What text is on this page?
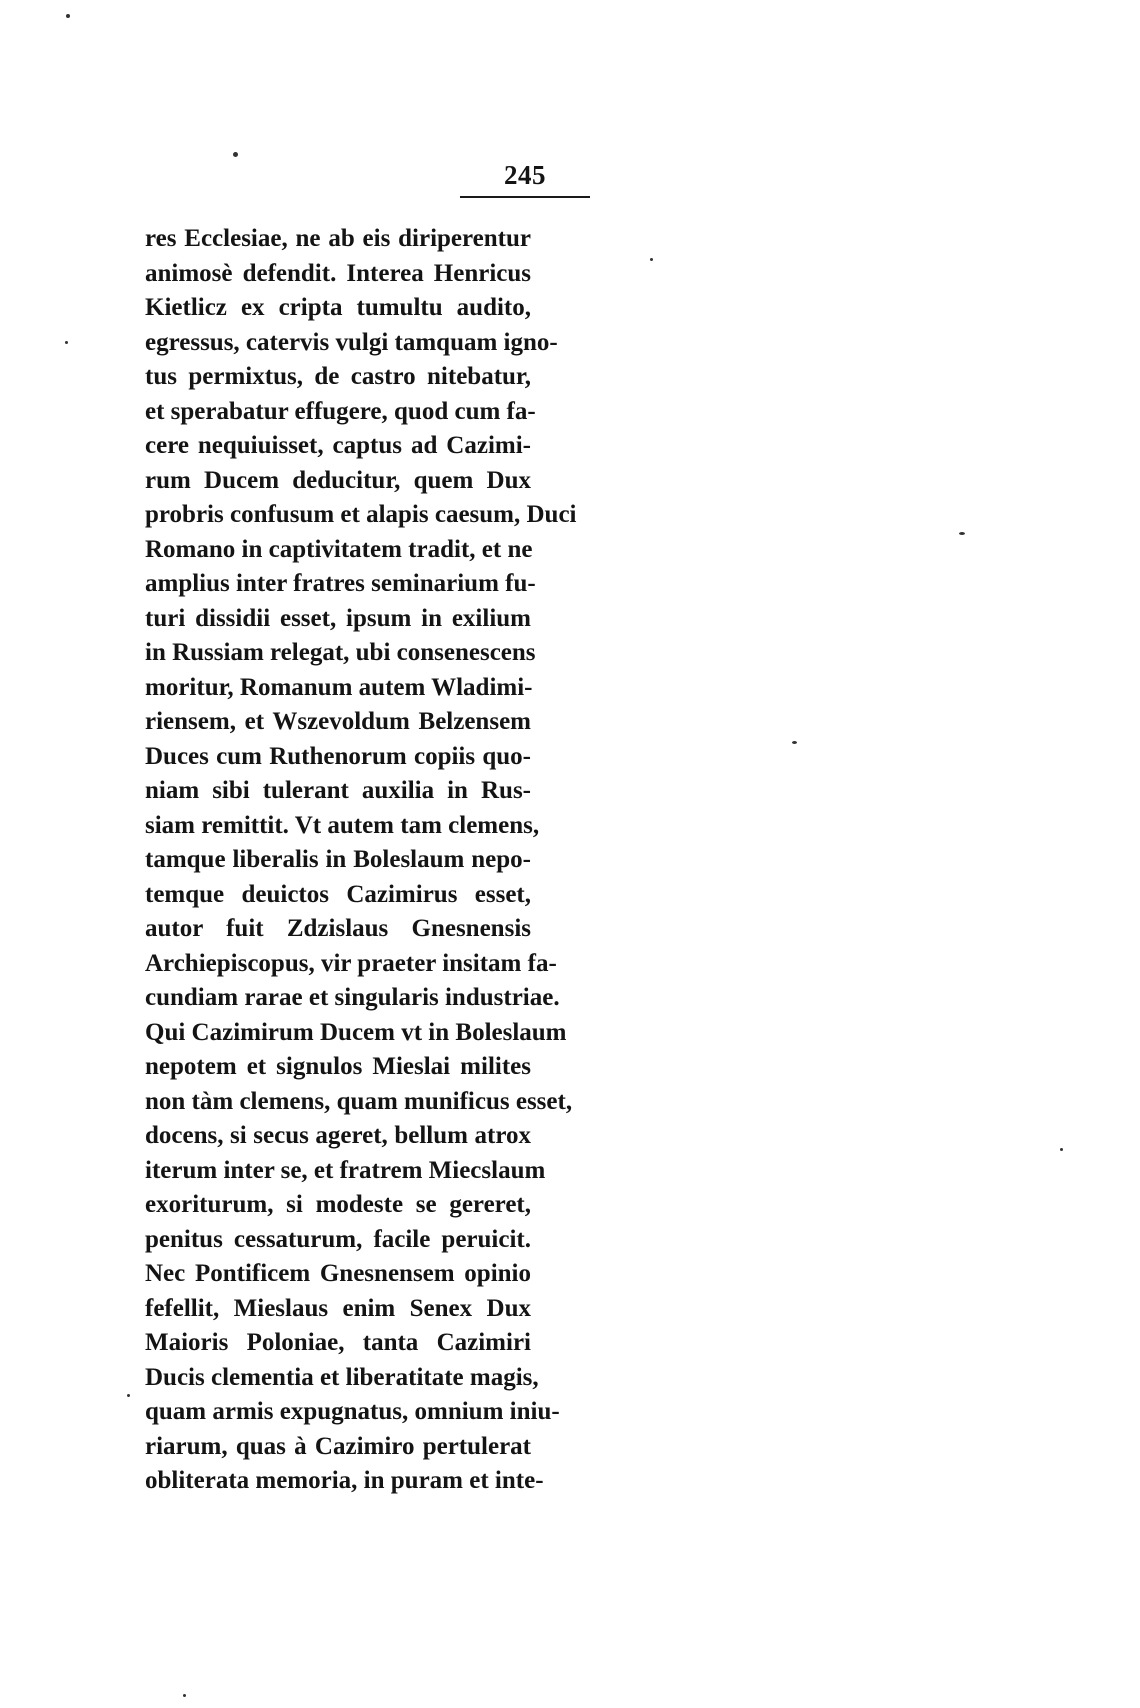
245
res Ecclesiae, ne ab eis diriperentur
animosè defendit. Interea Henricus
Kietlicz ex cripta tumultu audito,
egressus, catervis vulgi tamquam igno-
tus permixtus, de castro nitebatur,
et sperabatur effugere, quod cum fa-
cere nequiuisset, captus ad Cazimi-
rum Ducem deducitur, quem Dux
probris confusum et alapis caesum, Duci
Romano in captivitatem tradit, et ne
amplius inter fratres seminarium fu-
turi dissidii esset, ipsum in exilium
in Russiam relegat, ubi consenescens
moritur, Romanum autem Wladimi-
riensem, et Wszevoldum Belzensem
Duces cum Ruthenorum copiis quo-
niam sibi tulerant auxilia in Rus-
siam remittit. Vt autem tam clemens,
tamque liberalis in Boleslaum nepo-
temque deuictos Cazimirus esset,
autor fuit Zdzislaus Gnesnensis
Archiepiscopus, vir praeter insitam fa-
cundiam rarae et singularis industriae.
Qui Cazimirum Ducem vt in Boleslaum
nepotem et signulos Mieslai milites
non tàm clemens, quam munificus esset,
docens, si secus ageret, bellum atrox
iterum inter se, et fratrem Miecslaum
exoriturum, si modeste se gereret,
penitus cessaturum, facile peruicit.
Nec Pontificem Gnesnensem opinio
fefellit, Mieslaus enim Senex Dux
Maioris Poloniae, tanta Cazimiri
Ducis clementia et liberatitate magis,
quam armis expugnatus, omnium iniu-
riarum, quas à Cazimiro pertulerat
obliterata memoria, in puram et inte-
